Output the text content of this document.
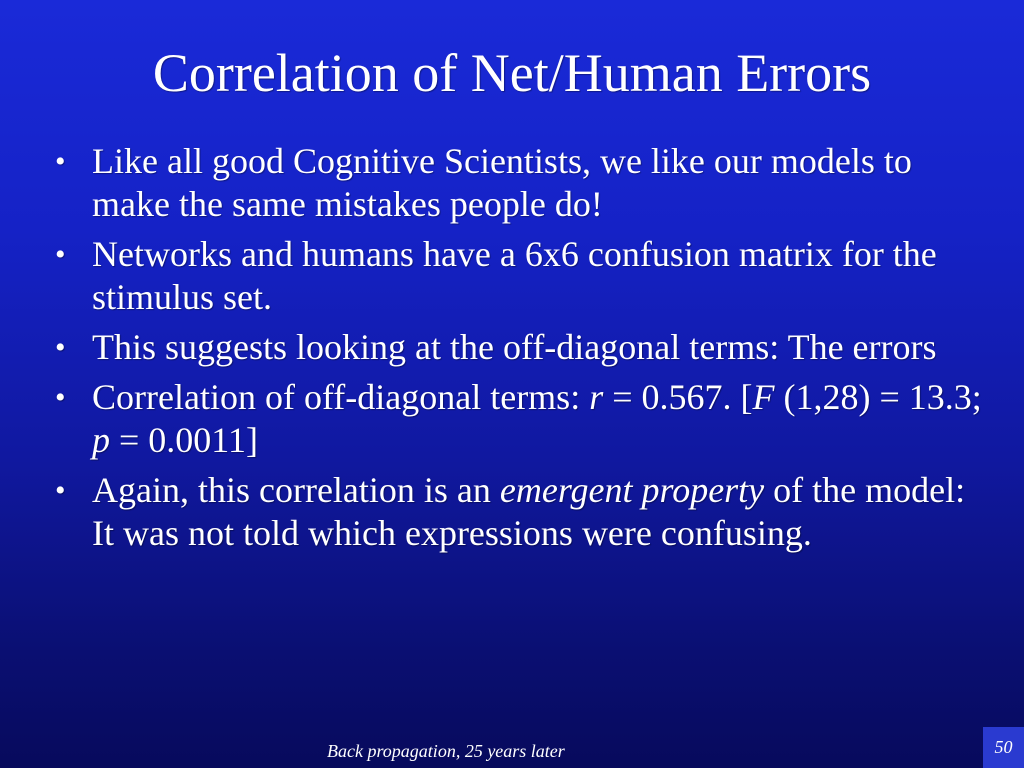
Correlation of Net/Human Errors
• Like all good Cognitive Scientists, we like our models to make the same mistakes people do!
• Networks and humans have a 6x6 confusion matrix for the stimulus set.
• This suggests looking at the off-diagonal terms: The errors
• Correlation of off-diagonal terms: r = 0.567. [F (1,28) = 13.3; p = 0.0011]
• Again, this correlation is an emergent property of the model: It was not told which expressions were confusing.
Back propagation, 25 years later	50
